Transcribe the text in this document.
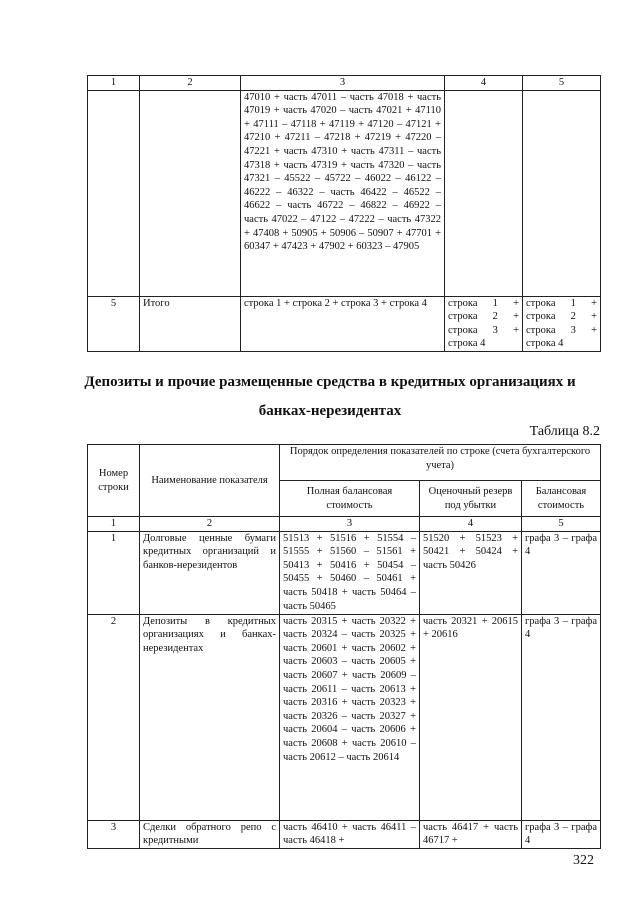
1	2	3	4	5
		47010 + часть 47011 – часть 47018 + часть 47019 + часть 47020 – часть 47021 + 47110 + 47111 – 47118 + 47119 + 47120 – 47121 + 47210 + 47211 – 47218 + 47219 + 47220 – 47221 + часть 47310 + часть 47311 – часть 47318 + часть 47319 + часть 47320 – часть 47321 – 45522 – 45722 – 46022 – 46122 – 46222 – 46322 – часть 46422 – 46522 – 46622 – часть 46722 – 46822 – 46922 – часть 47022 – 47122 – 47222 – часть 47322 + 47408 + 50905 + 50906 – 50907 + 47701 + 60347 + 47423 + 47902 + 60323 – 47905		
5	Итого	строка 1 + строка 2 + строка 3 + строка 4	строка 1 + строка 2 + строка 3 + строка 4	строка 1 + строка 2 + строка 3 + строка 4
Депозиты и прочие размещенные средства в кредитных организациях и
банках-нерезидентах
Таблица 8.2
Номер строки	Наименование показателя	Порядок определения показателей по строке (счета бухгалтерского учета)		
		Полная балансовая стоимость	Оценочный резерв под убытки	Балансовая стоимость
1	2	3	4	5
1	Долговые ценные бумаги кредитных организаций и банков-нерезидентов	51513 + 51516 + 51554 – 51555 + 51560 – 51561 + 50413 + 50416 + 50454 – 50455 + 50460 – 50461 + часть 50418 + часть 50464 – часть 50465	51520 + 51523 + 50421 + 50424 + часть 50426	графа 3 – графа 4
2	Депозиты в кредитных организациях и банках-нерезидентах	часть 20315 + часть 20322 + часть 20324 – часть 20325 + часть 20601 + часть 20602 + часть 20603 – часть 20605 + часть 20607 + часть 20609 – часть 20611 – часть 20613 + часть 20316 + часть 20323 + часть 20326 – часть 20327 + часть 20604 – часть 20606 + часть 20608 + часть 20610 – часть 20612 – часть 20614	часть 20321 + 20615 + 20616	графа 3 – графа 4
3	Сделки обратного репо с кредитными	часть 46410 + часть 46411 – часть 46418 +	часть 46417 + часть 46717 +	графа 3 – графа 4
322
